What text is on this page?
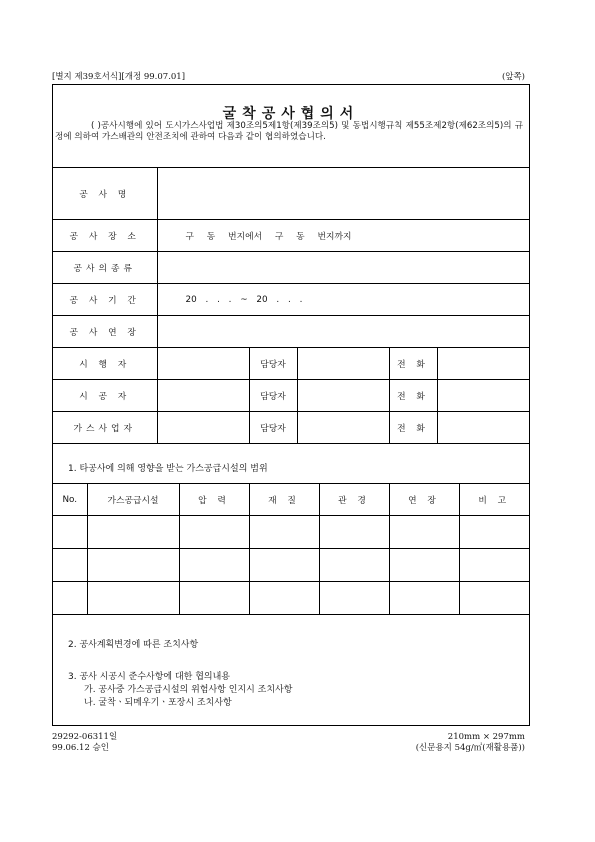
[별지 제39호서식][개정 99.07.01]	(앞쪽)
굴착공사협의서
( )공사시행에 있어 도시가스사업법 제30조의5제1항(제39조의5) 및 동법시행규칙 제55조제2항(제62조의5)의 규정에 의하여 가스배관의 안전조치에 관하여 다음과 같이 협의하였습니다.
공 사 명					
공 사 장 소	구 동 번지에서 구 동 번지까지				
공사의종류					
공 사 기 간	20 . . . ~ 20 . . .				
공 사 연 장					
시 행 자		담당자		전 화	
시 공 자		담당자		전 화	
가스사업자		담당자		전 화	
1. 타공사에 의해 영향을 받는 가스공급시설의 범위
No.	가스공급시설	압 력	재 질	관 경	연 장	비 고

2. 공사계획변경에 따른 조치사항
3. 공사 시공시 준수사항에 대한 협의내용
가. 공사중 가스공급시설의 위험사항 인지시 조치사항
나. 굴착ㆍ되메우기ㆍ포장시 조치사항
29292-06311일
99.06.12 승인
210mm × 297mm
(신문용지 54g/㎡(재활용품))
